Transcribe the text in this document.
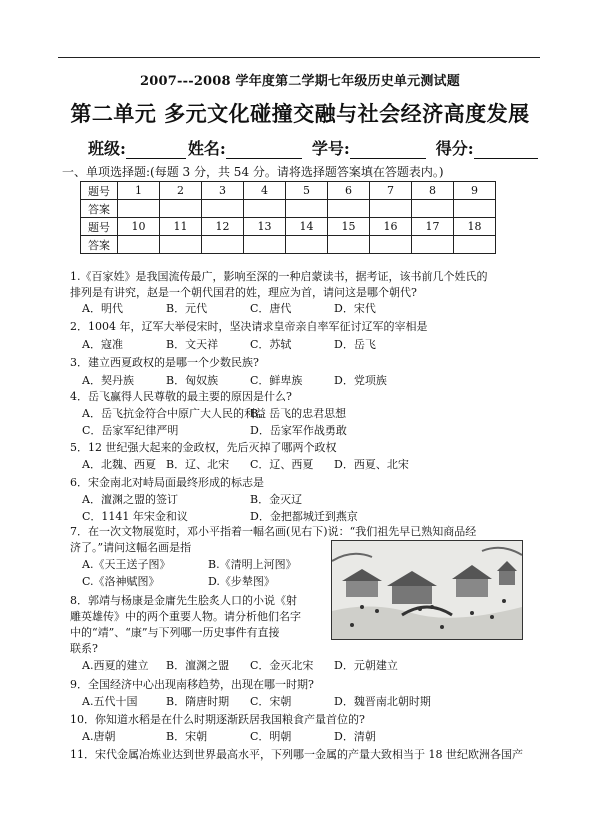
2007---2008 学年度第二学期七年级历史单元测试题
第二单元 多元文化碰撞交融与社会经济高度发展
班级:	姓名:	学号:	得分:
一、单项选择题:(每题 3 分，共 54 分。请将选择题答案填在答题表内。)
题号	1	2	3	4	5	6	7	8	9
答案									
题号	10	11	12	13	14	15	16	17	18
答案									
1.《百家姓》是我国流传最广，影响至深的一种启蒙读书，据考证，该书前几个姓氏的
排列是有讲究，赵是一个朝代国君的姓，理应为首，请问这是哪个朝代?
A．明代	B．元代	C．唐代	D．宋代
2．1004 年，辽军大举侵宋时，坚决请求皇帝亲自率军征讨辽军的宰相是
A．寇准	B．文天祥	C．苏轼	D．岳飞
3．建立西夏政权的是哪一个少数民族?
A．契丹族	B．匈奴族	C．鲜卑族	D．党项族
4．岳飞赢得人民尊敬的最主要的原因是什么?
A．岳飞抗金符合中原广大人民的利益
B．岳飞的忠君思想
C．岳家军纪律严明	D．岳家军作战勇敢
5．12 世纪强大起来的金政权，先后灭掉了哪两个政权
A．北魏、西夏 B．辽、北宋 C．辽、西夏 D．西夏、北宋
6．宋金南北对峙局面最终形成的标志是
A．澶渊之盟的签订	B．金灭辽
C．1141 年宋金和议	D．金把都城迁到燕京
7．在一次文物展览时，邓小平指着一幅名画(见右下)说：“我们祖先早已熟知商品经
济了。”请问这幅名画是指
A.《天王送子图》	B.《清明上河图》
C.《洛神赋图》	D.《步辇图》
8．郭靖与杨康是金庸先生脍炙人口的小说《射
雕英雄传》中的两个重要人物。请分析他们名字
中的“靖”、“康”与下列哪一历史事件有直接
联系?
A.西夏的建立 B．澶渊之盟 C．金灭北宋 D．元朝建立
9．全国经济中心出现南移趋势，出现在哪一时期?
A.五代十国	B．隋唐时期 C．宋朝	D．魏晋南北朝时期
10．你知道水稻是在什么时期逐渐跃居我国粮食产量首位的?
A.唐朝	B．宋朝	C．明朝	D．清朝
11．宋代金属冶炼业达到世界最高水平，下列哪一金属的产量大致相当于 18 世纪欧洲各国产
